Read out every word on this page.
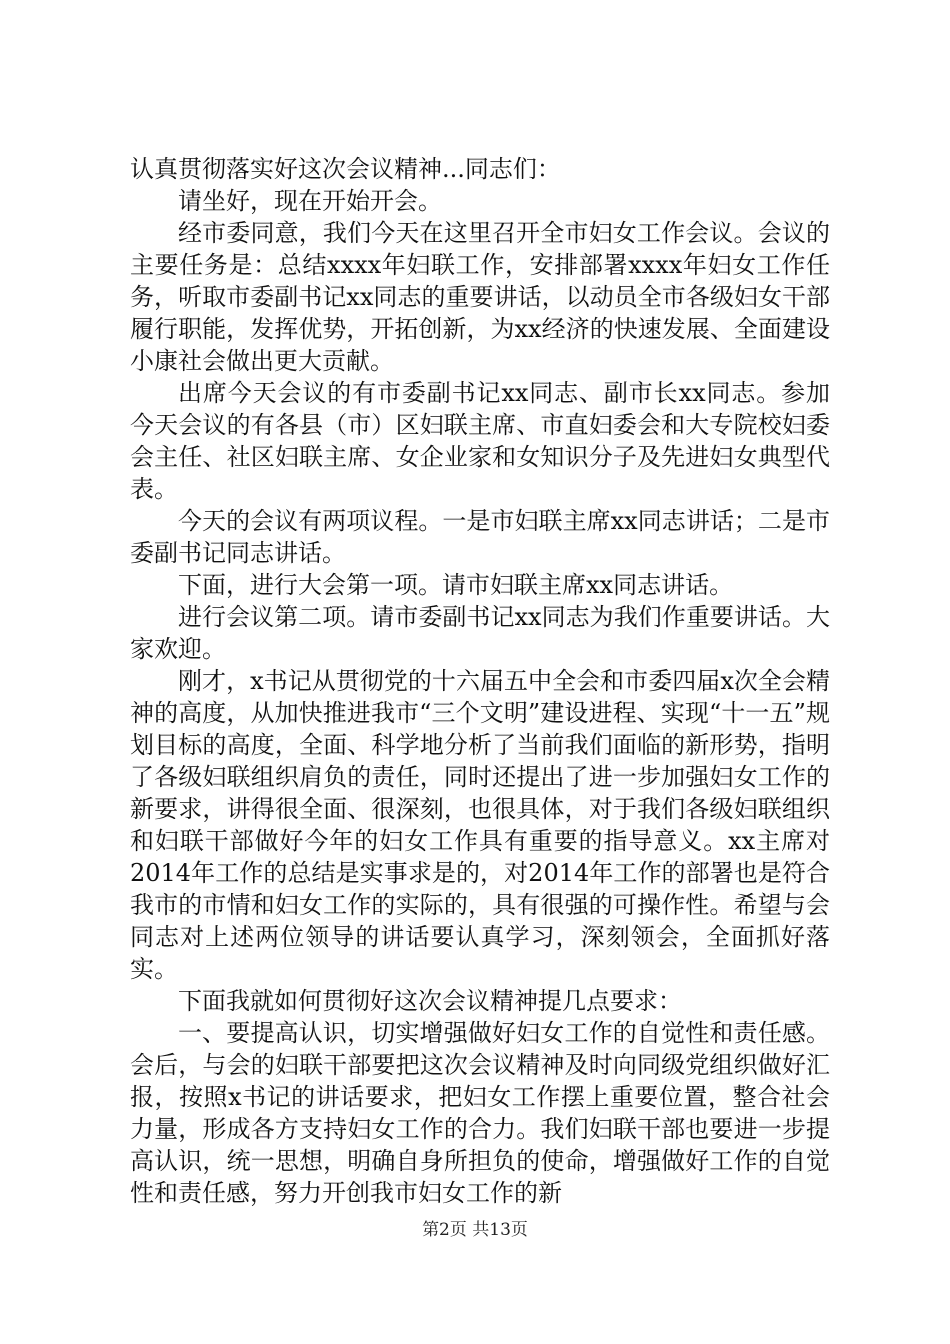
认真贯彻落实好这次会议精神...同志们：

请坐好，现在开始开会。

经市委同意，我们今天在这里召开全市妇女工作会议。会议的主要任务是：总结xxxx年妇联工作，安排部署xxxx年妇女工作任务，听取市委副书记xx同志的重要讲话，以动员全市各级妇女干部履行职能，发挥优势，开拓创新，为xx经济的快速发展、全面建设小康社会做出更大贡献。

出席今天会议的有市委副书记xx同志、副市长xx同志。参加今天会议的有各县（市）区妇联主席、市直妇委会和大专院校妇委会主任、社区妇联主席、女企业家和女知识分子及先进妇女典型代表。

今天的会议有两项议程。一是市妇联主席xx同志讲话；二是市委副书记同志讲话。

下面，进行大会第一项。请市妇联主席xx同志讲话。

进行会议第二项。请市委副书记xx同志为我们作重要讲话。大家欢迎。

刚才，x书记从贯彻党的十六届五中全会和市委四届x次全会精神的高度，从加快推进我市“三个文明”建设进程、实现“十一五”规划目标的高度，全面、科学地分析了当前我们面临的新形势，指明了各级妇联组织肩负的责任，同时还提出了进一步加强妇女工作的新要求，讲得很全面、很深刻，也很具体，对于我们各级妇联组织和妇联干部做好今年的妇女工作具有重要的指导意义。xx主席对2014年工作的总结是实事求是的，对2014年工作的部署也是符合我市的市情和妇女工作的实际的，具有很强的可操作性。希望与会同志对上述两位领导的讲话要认真学习，深刻领会，全面抓好落实。

下面我就如何贯彻好这次会议精神提几点要求：

一、要提高认识，切实增强做好妇女工作的自觉性和责任感。会后，与会的妇联干部要把这次会议精神及时向同级党组织做好汇报，按照x书记的讲话要求，把妇女工作摆上重要位置，整合社会力量，形成各方支持妇女工作的合力。我们妇联干部也要进一步提高认识，统一思想，明确自身所担负的使命，增强做好工作的自觉性和责任感，努力开创我市妇女工作的新

第2页 共13页
